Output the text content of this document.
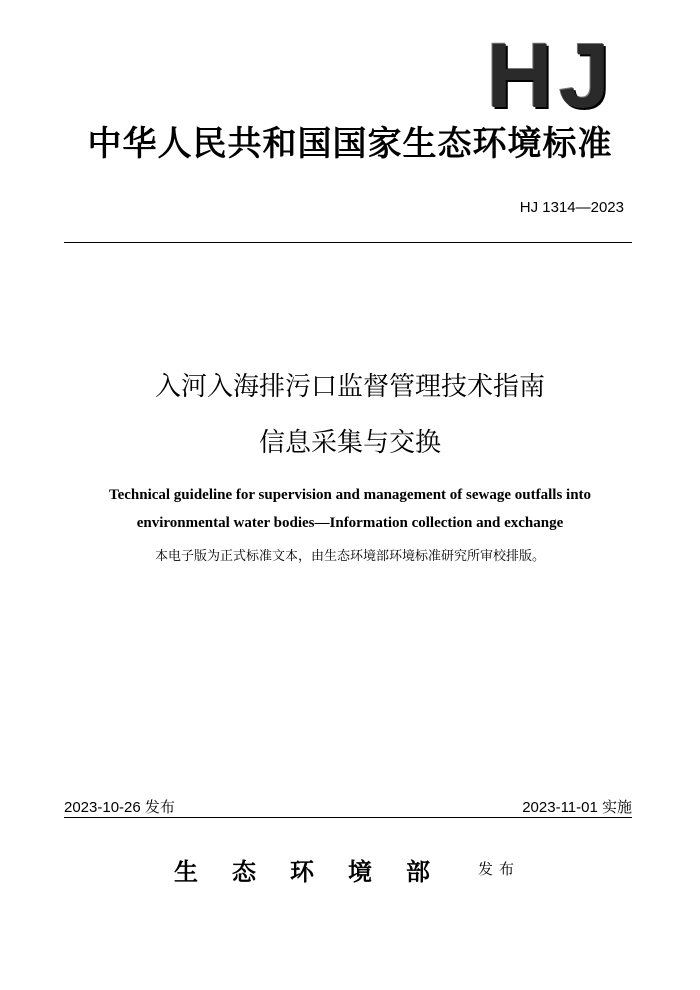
HJ
中华人民共和国国家生态环境标准
HJ 1314—2023
入河入海排污口监督管理技术指南
信息采集与交换
Technical guideline for supervision and management of sewage outfalls into
environmental water bodies—Information collection and exchange
本电子版为正式标准文本，由生态环境部环境标准研究所审校排版。
2023-10-26 发布	2023-11-01 实施
生态环境部 发布
